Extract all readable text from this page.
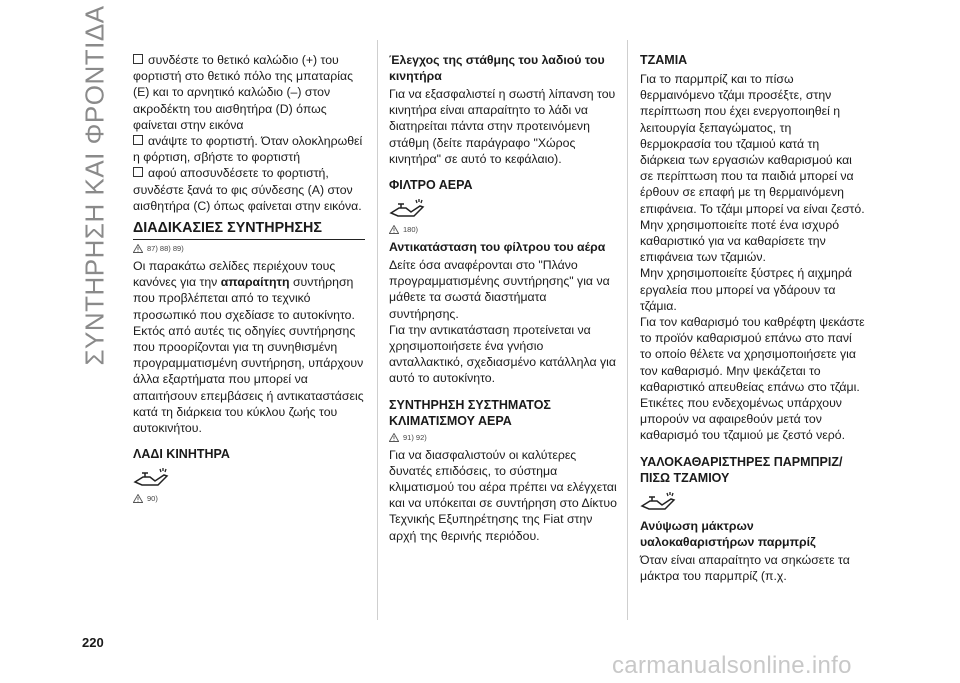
ΣΥΝΤΗΡΗΣΗ ΚΑΙ ΦΡΟΝΤΙΔΑ	συνδέστε το θετικό καλώδιο (+) του φορτιστή στο θετικό πόλο της μπαταρίας (E) και το αρνητικό καλώδιο (–) στον ακροδέκτη του αισθητήρα (D) όπως φαίνεται στην εικόνα

ανάψτε το φορτιστή. Όταν ολοκληρωθεί η φόρτιση, σβήστε το φορτιστή

αφού αποσυνδέσετε το φορτιστή, συνδέστε ξανά το φις σύνδεσης (A) στον αισθητήρα (C) όπως φαίνεται στην εικόνα.

ΔΙΑΔΙΚΑΣΙΕΣ ΣΥΝΤΗΡΗΣΗΣ
87) 88) 89)

Οι παρακάτω σελίδες περιέχουν τους κανόνες για την απαραίτητη συντήρηση που προβλέπεται από το τεχνικό προσωπικό που σχεδίασε το αυτοκίνητο.

Εκτός από αυτές τις οδηγίες συντήρησης που προορίζονται για τη συνηθισμένη προγραμματισμένη συντήρηση, υπάρχουν άλλα εξαρτήματα που μπορεί να απαιτήσουν επεμβάσεις ή αντικαταστάσεις κατά τη διάρκεια του κύκλου ζωής του αυτοκινήτου.

ΛΑΔΙ ΚΙΝΗΤΗΡΑ
90)
Έλεγχος της στάθμης του λαδιού του κινητήρα

Για να εξασφαλιστεί η σωστή λίπανση του κινητήρα είναι απαραίτητο το λάδι να διατηρείται πάντα στην προτεινόμενη στάθμη (δείτε παράγραφο "Χώρος κινητήρα" σε αυτό το κεφάλαιο).

ΦΙΛΤΡΟ ΑΕΡΑ
180)
Αντικατάσταση του φίλτρου του αέρα

Δείτε όσα αναφέρονται στο "Πλάνο προγραμματισμένης συντήρησης" για να μάθετε τα σωστά διαστήματα συντήρησης.

Για την αντικατάσταση προτείνεται να χρησιμοποιήσετε ένα γνήσιο ανταλλακτικό, σχεδιασμένο κατάλληλα για αυτό το αυτοκίνητο.

ΣΥΝΤΗΡΗΣΗ ΣΥΣΤΗΜΑΤΟΣ ΚΛΙΜΑΤΙΣΜΟΥ ΑΕΡΑ
91) 92)

Για να διασφαλιστούν οι καλύτερες δυνατές επιδόσεις, το σύστημα κλιματισμού του αέρα πρέπει να ελέγχεται και να υπόκειται σε συντήρηση στο Δίκτυο Τεχνικής Εξυπηρέτησης της Fiat στην αρχή της θερινής περιόδου.

ΤΖΑΜΙΑ

Για το παρμπρίζ και το πίσω θερμαινόμενο τζάμι προσέξτε, στην περίπτωση που έχει ενεργοποιηθεί η λειτουργία ξεπαγώματος, τη θερμοκρασία του τζαμιού κατά τη διάρκεια των εργασιών καθαρισμού και σε περίπτωση που τα παιδιά μπορεί να έρθουν σε επαφή με τη θερμαινόμενη επιφάνεια. Το τζάμι μπορεί να είναι ζεστό.

Μην χρησιμοποιείτε ποτέ ένα ισχυρό καθαριστικό για να καθαρίσετε την επιφάνεια των τζαμιών.

Μην χρησιμοποιείτε ξύστρες ή αιχμηρά εργαλεία που μπορεί να γδάρουν τα τζάμια.

Για τον καθαρισμό του καθρέφτη ψεκάστε το προϊόν καθαρισμού επάνω στο πανί το οποίο θέλετε να χρησιμοποιήσετε για τον καθαρισμό. Μην ψεκάζεται το καθαριστικό απευθείας επάνω στο τζάμι.

Ετικέτες που ενδεχομένως υπάρχουν μπορούν να αφαιρεθούν μετά τον καθαρισμό του τζαμιού με ζεστό νερό.

ΥΑΛΟΚΑΘΑΡΙΣΤΗΡΕΣ ΠΑΡΜΠΡΙΖ/ΠΙΣΩ ΤΖΑΜΙΟΥ
Ανύψωση μάκτρων υαλοκαθαριστήρων παρμπρίζ

Όταν είναι απαραίτητο να σηκώσετε τα μάκτρα του παρμπρίζ (π.χ.

220
carmanualsonline.info
